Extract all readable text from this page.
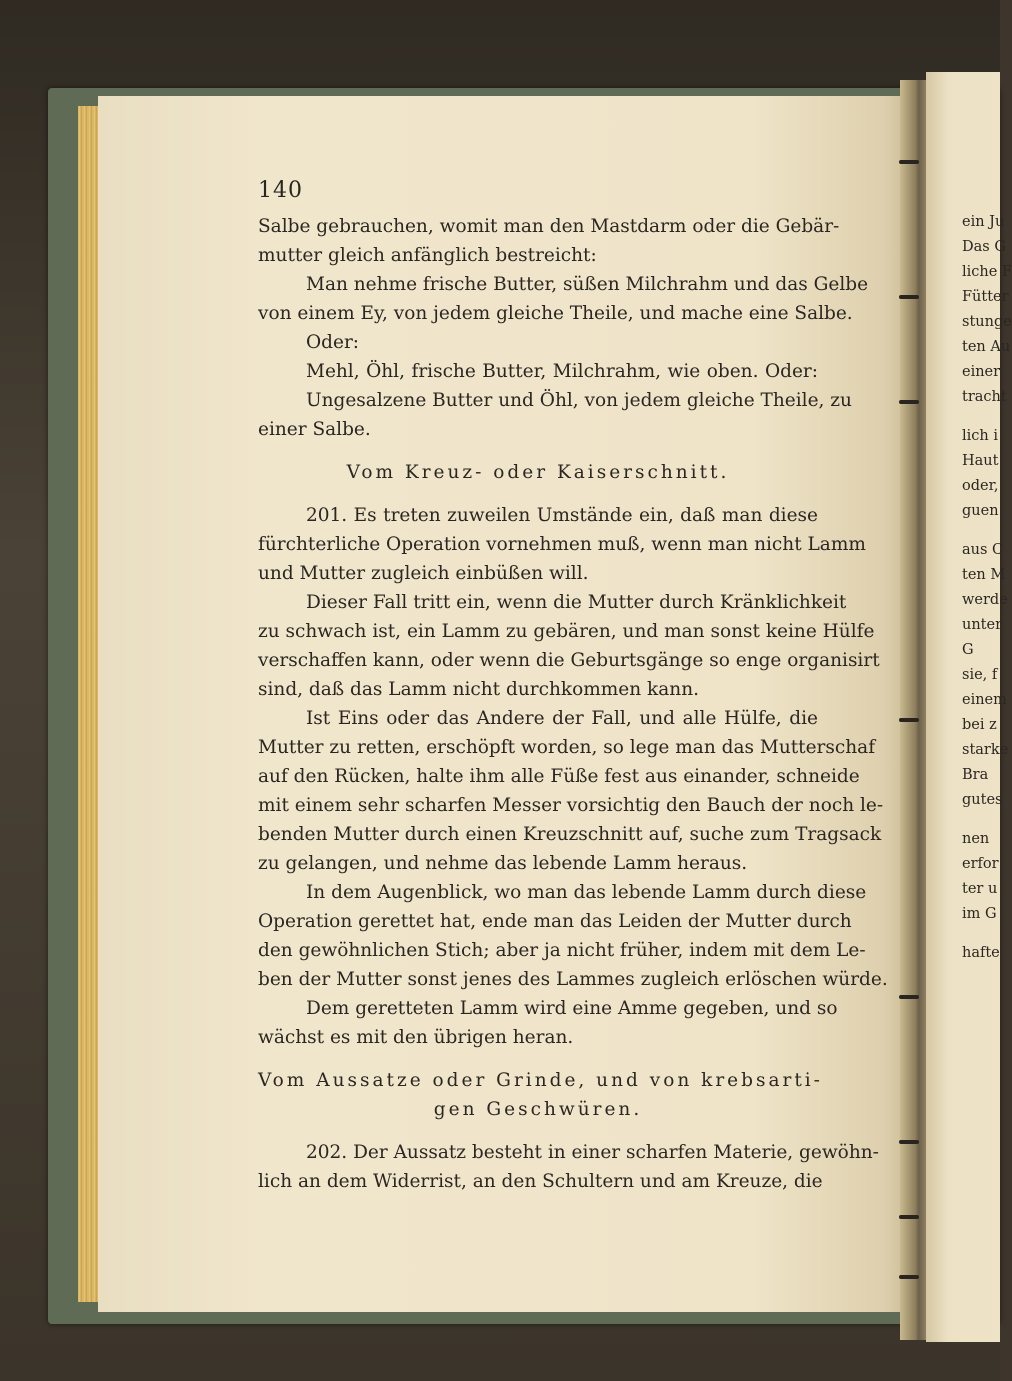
140
Salbe gebrauchen, womit man den Mastdarm oder die Gebär-
mutter gleich anfänglich bestreicht:
Man nehme frische Butter, süßen Milchrahm und das Gelbe
von einem Ey, von jedem gleiche Theile, und mache eine Salbe.
Oder:
Mehl, Öhl, frische Butter, Milchrahm, wie oben. Oder:
Ungesalzene Butter und Öhl, von jedem gleiche Theile, zu
einer Salbe.
Vom Kreuz- oder Kaiserschnitt.
201. Es treten zuweilen Umstände ein, daß man diese
fürchterliche Operation vornehmen muß, wenn man nicht Lamm
und Mutter zugleich einbüßen will.
Dieser Fall tritt ein, wenn die Mutter durch Kränklichkeit
zu schwach ist, ein Lamm zu gebären, und man sonst keine Hülfe
verschaffen kann, oder wenn die Geburtsgänge so enge organisirt
sind, daß das Lamm nicht durchkommen kann.
Ist Eins oder das Andere der Fall, und alle Hülfe, die
Mutter zu retten, erschöpft worden, so lege man das Mutterschaf
auf den Rücken, halte ihm alle Füße fest aus einander, schneide
mit einem sehr scharfen Messer vorsichtig den Bauch der noch le-
benden Mutter durch einen Kreuzschnitt auf, suche zum Tragsack
zu gelangen, und nehme das lebende Lamm heraus.
In dem Augenblick, wo man das lebende Lamm durch diese
Operation gerettet hat, ende man das Leiden der Mutter durch
den gewöhnlichen Stich; aber ja nicht früher, indem mit dem Le-
ben der Mutter sonst jenes des Lammes zugleich erlöschen würde.
Dem geretteten Lamm wird eine Amme gegeben, und so
wächst es mit den übrigen heran.
Vom Aussatze oder Grinde, und von krebsarti-
gen Geschwüren.
202. Der Aussatz besteht in einer scharfen Materie, gewöhn-
lich an dem Widerrist, an den Schultern und am Kreuze, die
ein Ju
Das G
liche F
Fütter
stunge
ten Au
einer
tracht
lich i
Haut
oder,
guen
aus C
ten M
werde
unter
G
sie, f
einem
bei z
starke
Bra
gutes
nen
erfor
ter u
im G
hafte
